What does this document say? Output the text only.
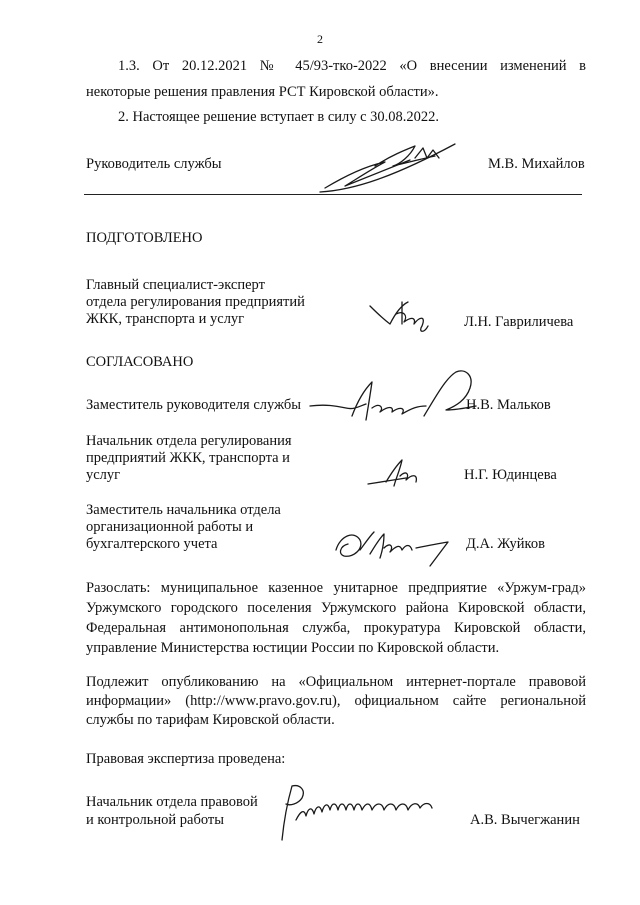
2
1.3. От 20.12.2021 № 45/93-тко-2022 «О внесении изменений в
некоторые решения правления РСТ Кировской области».
2. Настоящее решение вступает в силу с 30.08.2022.
Руководитель службы	М.В. Михайлов
ПОДГОТОВЛЕНО
Главный специалист-эксперт
отдела регулирования предприятий
ЖКК, транспорта и услуг	Л.Н. Гавриличева
СОГЛАСОВАНО
Заместитель руководителя службы	Н.В. Мальков
Начальник отдела регулирования
предприятий ЖКК, транспорта и
услуг	Н.Г. Юдинцева
Заместитель начальника отдела
организационной работы и
бухгалтерского учета	Д.А. Жуйков
Разослать: муниципальное казенное унитарное предприятие «Уржум-град»
Уржумского городского поселения Уржумского района Кировской области,
Федеральная антимонопольная служба, прокуратура Кировской области,
управление Министерства юстиции России по Кировской области.
Подлежит опубликованию на «Официальном интернет-портале правовой
информации» (http://www.pravo.gov.ru), официальном сайте региональной
службы по тарифам Кировской области.
Правовая экспертиза проведена:
Начальник отдела правовой
и контрольной работы	А.В. Вычегжанин
